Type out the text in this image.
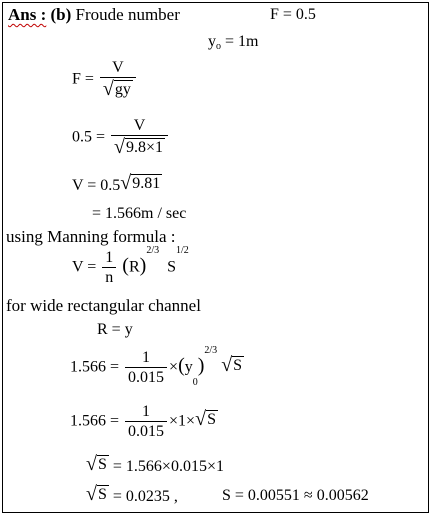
Ans : (b) Froude number	F = 0.5
$y_o = 1m$
$F = \frac{V}{√ gy}$
$0.5 = \frac{V}{√ 9.8\times 1}$
V = 0.5 √ 9.81
= 1.566m / sec
using Manning formula :
$V = \frac{1}{n} (R)^{2/3}$  $S^{1/2}$
for wide rectangular channel
R = y
$1.566 = \frac{1}{0.015} \times(y_0)^{2/3}$
√ S
$1.566 = \frac{1}{0.015} \times 1\times$ √ S
√ S = 1.566×0.015×1
√ S = 0.0235 ,	S = 0.00551 ≈ 0.00562
